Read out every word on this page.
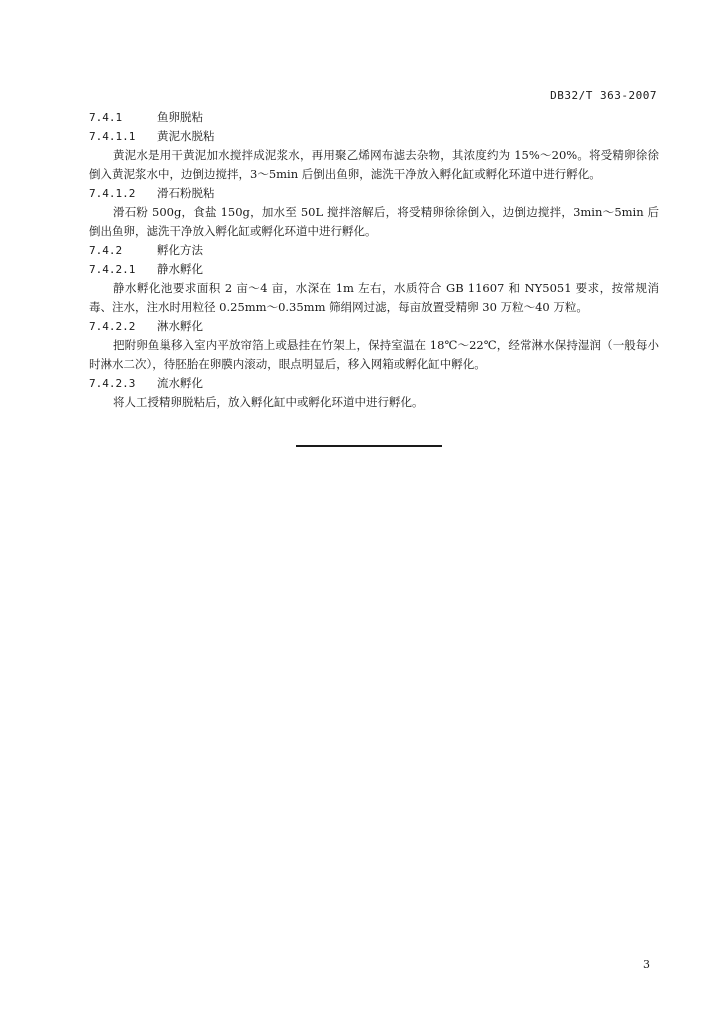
DB32/T 363-2007
7.4.1	鱼卵脱粘
7.4.1.1	黄泥水脱粘

黄泥水是用干黄泥加水搅拌成泥浆水，再用聚乙烯网布滤去杂物，其浓度约为 15%～20%。将受精卵徐徐倒入黄泥浆水中，边倒边搅拌，3～5min 后倒出鱼卵，滤洗干净放入孵化缸或孵化环道中进行孵化。

7.4.1.2	滑石粉脱粘

滑石粉 500g，食盐 150g，加水至 50L 搅拌溶解后，将受精卵徐徐倒入，边倒边搅拌，3min～5min 后倒出鱼卵，滤洗干净放入孵化缸或孵化环道中进行孵化。

7.4.2	孵化方法
7.4.2.1	静水孵化

静水孵化池要求面积 2 亩～4 亩，水深在 1m 左右，水质符合 GB 11607 和 NY5051 要求，按常规消毒、注水，注水时用粒径 0.25mm～0.35mm 筛绢网过滤，每亩放置受精卵 30 万粒～40 万粒。

7.4.2.2	淋水孵化

把附卵鱼巢移入室内平放帘箔上或悬挂在竹架上，保持室温在 18℃～22℃，经常淋水保持湿润（一般每小时淋水二次），待胚胎在卵膜内滚动，眼点明显后，移入网箱或孵化缸中孵化。

7.4.2.3	流水孵化

将人工授精卵脱粘后，放入孵化缸中或孵化环道中进行孵化。

3
